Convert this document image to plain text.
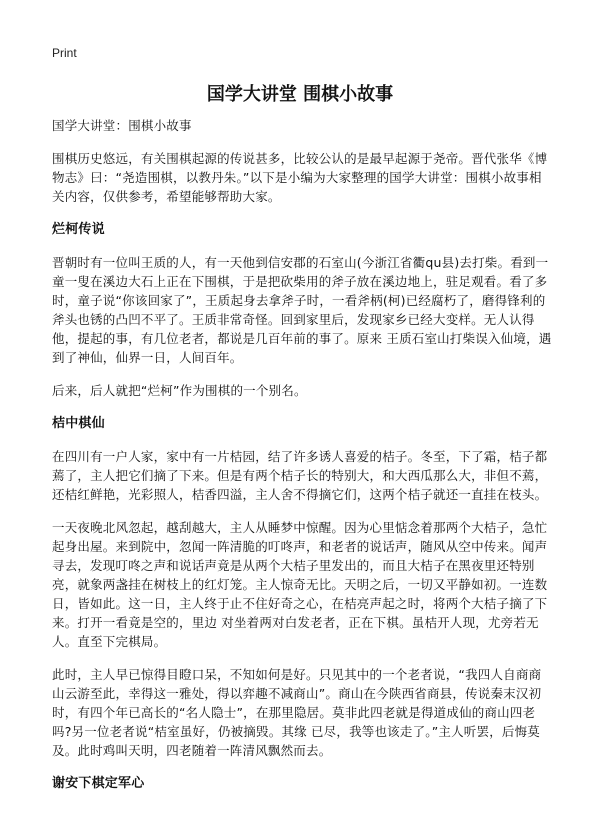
Print
国学大讲堂 围棋小故事

国学大讲堂：围棋小故事

围棋历史悠远，有关围棋起源的传说甚多，比较公认的是最早起源于尧帝。晋代张华《博物志》曰：“尧造围棋，以教丹朱。”以下是小编为大家整理的国学大讲堂：围棋小故事相关内容，仅供参考，希望能够帮助大家。

烂柯传说

晋朝时有一位叫王质的人，有一天他到信安郡的石室山(今浙江省衢qu县)去打柴。看到一童一叟在溪边大石上正在下围棋，于是把砍柴用的斧子放在溪边地上，驻足观看。看了多时，童子说“你该回家了”，王质起身去拿斧子时，一看斧柄(柯)已经腐朽了，磨得锋利的斧头也锈的凸凹不平了。王质非常奇怪。回到家里后，发现家乡已经大变样。无人认得他，提起的事，有几位老者，都说是几百年前的事了。原来 王质石室山打柴误入仙境，遇到了神仙，仙界一日，人间百年。

后来，后人就把“烂柯”作为围棋的一个别名。

桔中棋仙

在四川有一户人家，家中有一片桔园，结了许多诱人喜爱的桔子。冬至，下了霜，桔子都蔫了，主人把它们摘了下来。但是有两个桔子长的特别大，和大西瓜那么大，非但不蔫，还桔红鲜艳，光彩照人，桔香四溢，主人舍不得摘它们，这两个桔子就还一直挂在枝头。

一天夜晚北风忽起，越刮越大，主人从睡梦中惊醒。因为心里惦念着那两个大桔子，急忙起身出屋。来到院中，忽闻一阵清脆的叮咚声，和老者的说话声，随风从空中传来。闻声寻去，发现叮咚之声和说话声竟是从两个大桔子里发出的，而且大桔子在黑夜里还特别亮，就象两盏挂在树枝上的红灯笼。主人惊奇无比。天明之后，一切又平静如初。一连数日，皆如此。这一日，主人终于止不住好奇之心，在桔亮声起之时，将两个大桔子摘了下来。打开一看竟是空的，里边 对坐着两对白发老者，正在下棋。虽桔开人现，尤旁若无人。直至下完棋局。

此时，主人早已惊得目瞪口呆，不知如何是好。只见其中的一个老者说，“我四人自商商山云游至此，幸得这一雅处，得以弈趣不减商山”。商山在今陕西省商县，传说秦末汉初时，有四个年已高长的“名人隐士”，在那里隐居。莫非此四老就是得道成仙的商山四老吗?另一位老者说“桔室虽好，仍被摘毁。其缘 已尽，我等也该走了。”主人听罢，后悔莫及。此时鸡叫天明，四老随着一阵清风飘然而去。

谢安下棋定军心
